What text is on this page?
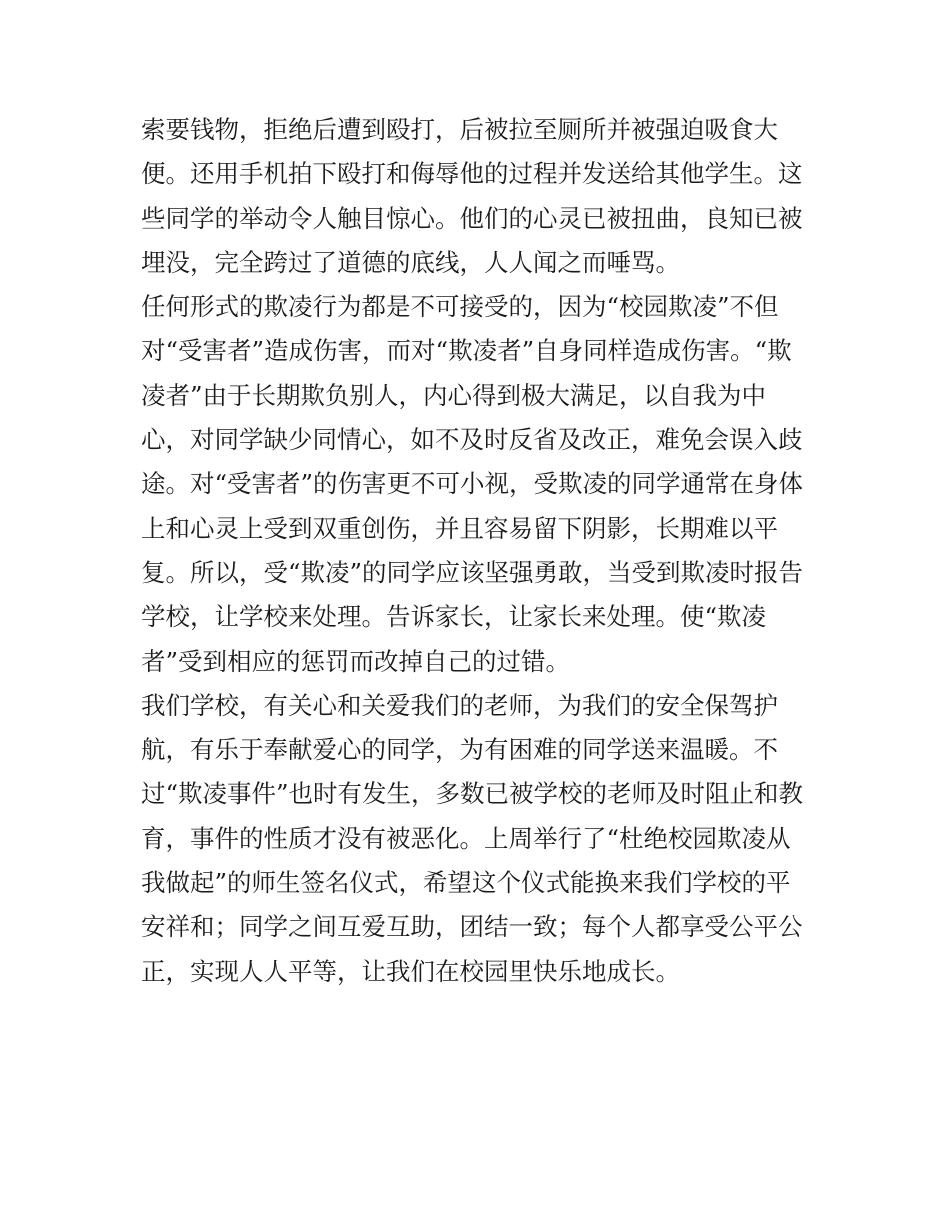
索要钱物，拒绝后遭到殴打，后被拉至厕所并被强迫吸食大
便。还用手机拍下殴打和侮辱他的过程并发送给其他学生。这
些同学的举动令人触目惊心。他们的心灵已被扭曲，良知已被
埋没，完全跨过了道德的底线，人人闻之而唾骂。
任何形式的欺凌行为都是不可接受的，因为“校园欺凌”不但
对“受害者”造成伤害，而对“欺凌者”自身同样造成伤害。“欺
凌者”由于长期欺负别人，内心得到极大满足，以自我为中
心，对同学缺少同情心，如不及时反省及改正，难免会误入歧
途。对“受害者”的伤害更不可小视，受欺凌的同学通常在身体
上和心灵上受到双重创伤，并且容易留下阴影，长期难以平
复。所以，受“欺凌”的同学应该坚强勇敢，当受到欺凌时报告
学校，让学校来处理。告诉家长，让家长来处理。使“欺凌
者”受到相应的惩罚而改掉自己的过错。
我们学校，有关心和关爱我们的老师，为我们的安全保驾护
航，有乐于奉献爱心的同学，为有困难的同学送来温暖。不
过“欺凌事件”也时有发生，多数已被学校的老师及时阻止和教
育，事件的性质才没有被恶化。上周举行了“杜绝校园欺凌从
我做起”的师生签名仪式，希望这个仪式能换来我们学校的平
安祥和；同学之间互爱互助，团结一致；每个人都享受公平公
正，实现人人平等，让我们在校园里快乐地成长。
